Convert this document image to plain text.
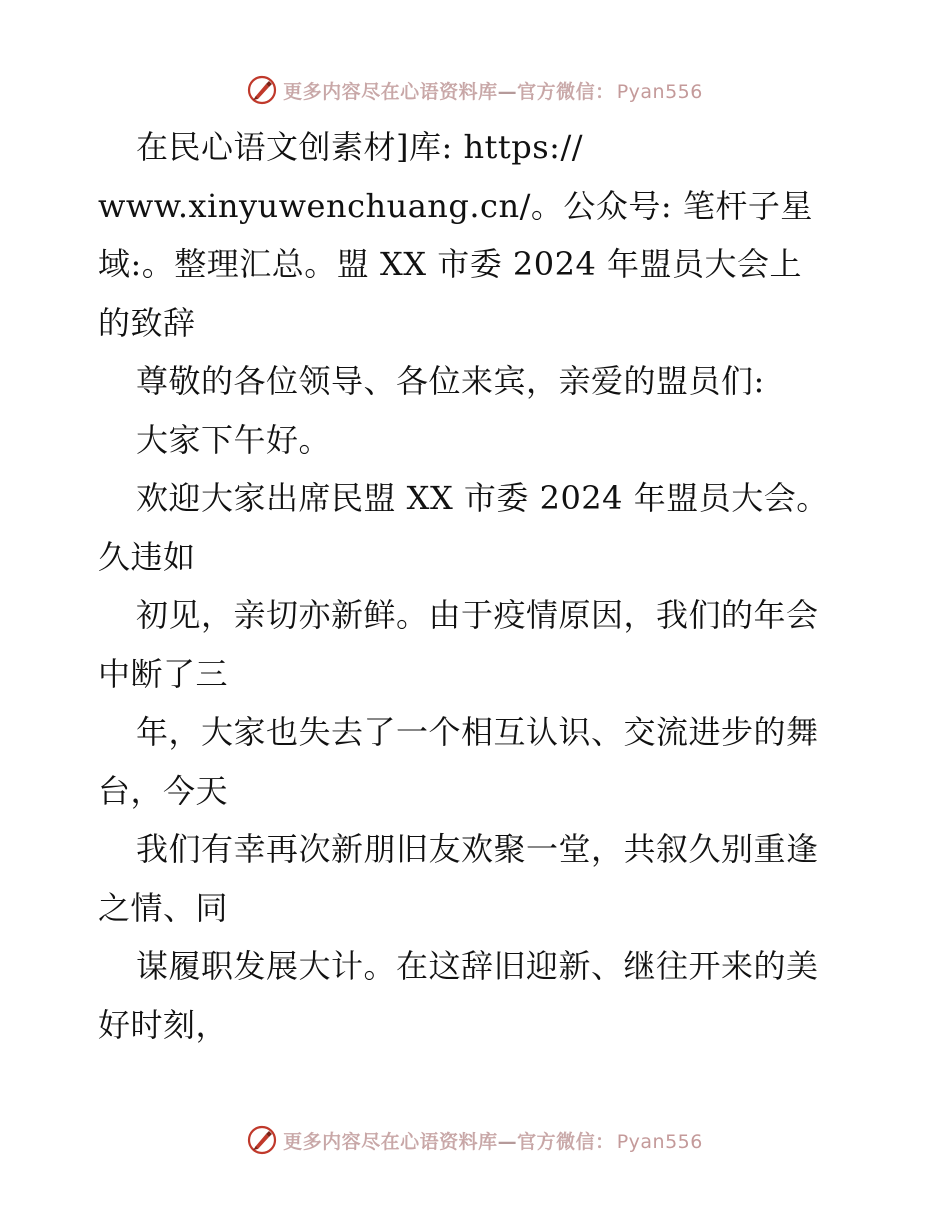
更多内容尽在心语资料库—官方微信： Pyan556
在民心语文创素材]库: https://
www.xinyuwenchuang.cn/。公众号: 笔杆子星
域:。整理汇总。盟 XX 市委 2024 年盟员大会上
的致辞
尊敬的各位领导、各位来宾，亲爱的盟员们:
大家下午好。
欢迎大家出席民盟 XX 市委 2024 年盟员大会。
久违如
初见，亲切亦新鲜。由于疫情原因，我们的年会
中断了三
年，大家也失去了一个相互认识、交流进步的舞
台，今天
我们有幸再次新朋旧友欢聚一堂，共叙久别重逢
之情、同
谋履职发展大计。在这辞旧迎新、继往开来的美
好时刻，
更多内容尽在心语资料库—官方微信： Pyan556
